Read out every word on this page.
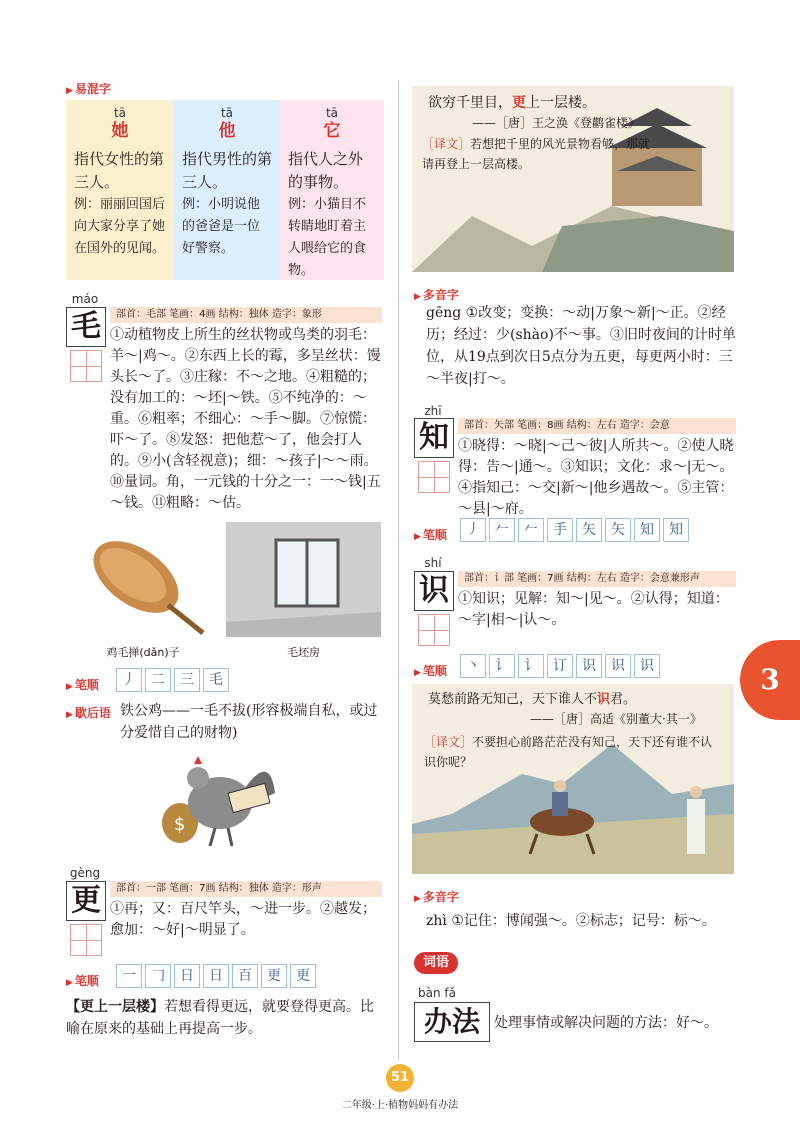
▶ 易混字
tā
她
指代女性的第三人。
例：丽丽回国后向大家分享了她在国外的见闻。
tā
他
指代男性的第三人。
例：小明说他的爸爸是一位好警察。
tā
它
指代人之外的事物。
例：小猫目不转睛地盯着主人喂给它的食物。
máo
毛	部首：毛部 笔画：4画 结构：独体 造字：象形
①动植物皮上所生的丝状物或鸟类的羽毛：羊～|鸡～。②东西上长的霉，多呈丝状：馒头长～了。③庄稼：不～之地。④粗糙的；没有加工的：～坯|～铁。⑤不纯净的：～重。⑥粗率；不细心：～手～脚。⑦惊慌：吓～了。⑧发怒：把他惹～了，他会打人的。⑨小(含轻视意)；细：～孩子|～～雨。⑩量词。角，一元钱的十分之一：一～钱|五～钱。⑪粗略：～估。
鸡毛掸(dǎn)子	毛坯房
▶ 笔顺	丿 二 三 毛
▶ 歇后语 铁公鸡——一毛不拔(形容极端自私，或过分爱惜自己的财物)
$
gèng
更	部首：一部 笔画：7画 结构：独体 造字：形声
①再；又：百尺竿头，～进一步。②越发；愈加：～好|～明显了。
▶ 笔顺	一 𠃌 日 日 百 更 更
【更上一层楼】若想看得更远，就要登得更高。比喻在原来的基础上再提高一步。
欲穷千里目，更上一层楼。
——［唐］王之涣《登鹳雀楼》
［译文］若想把千里的风光景物看够，那就请再登上一层高楼。
▶ 多音字
gēng ①改变；变换：～动|万象～新|～正。②经历；经过：少(shào)不～事。③旧时夜间的计时单位，从19点到次日5点分为五更，每更两小时：三～半夜|打～。
zhī
知	部首：矢部 笔画：8画 结构：左右 造字：会意
①晓得：～晓|～己～彼|人所共～。②使人晓得：告～|通～。③知识；文化：求～|无～。④指知己：～交|新～|他乡遇故～。⑤主管：～县|～府。
▶ 笔顺	丿 𠂉 𠂉 手 矢 矢 知 知
shí
识	部首：讠部 笔画：7画 结构：左右 造字：会意兼形声
①知识；见解：知～|见～。②认得；知道：～字|相～|认～。
▶ 笔顺	丶 讠 讠 订 识 识 识
莫愁前路无知己，天下谁人不识君。
——［唐］高适《别董大·其一》
［译文］不要担心前路茫茫没有知己，天下还有谁不认识你呢？
▶ 多音字
zhì ①记住：博闻强～。②标志；记号：标～。
词语
bàn fǎ
办法	处理事情或解决问题的方法：好～。
3
51
二年级·上·植物妈妈有办法
